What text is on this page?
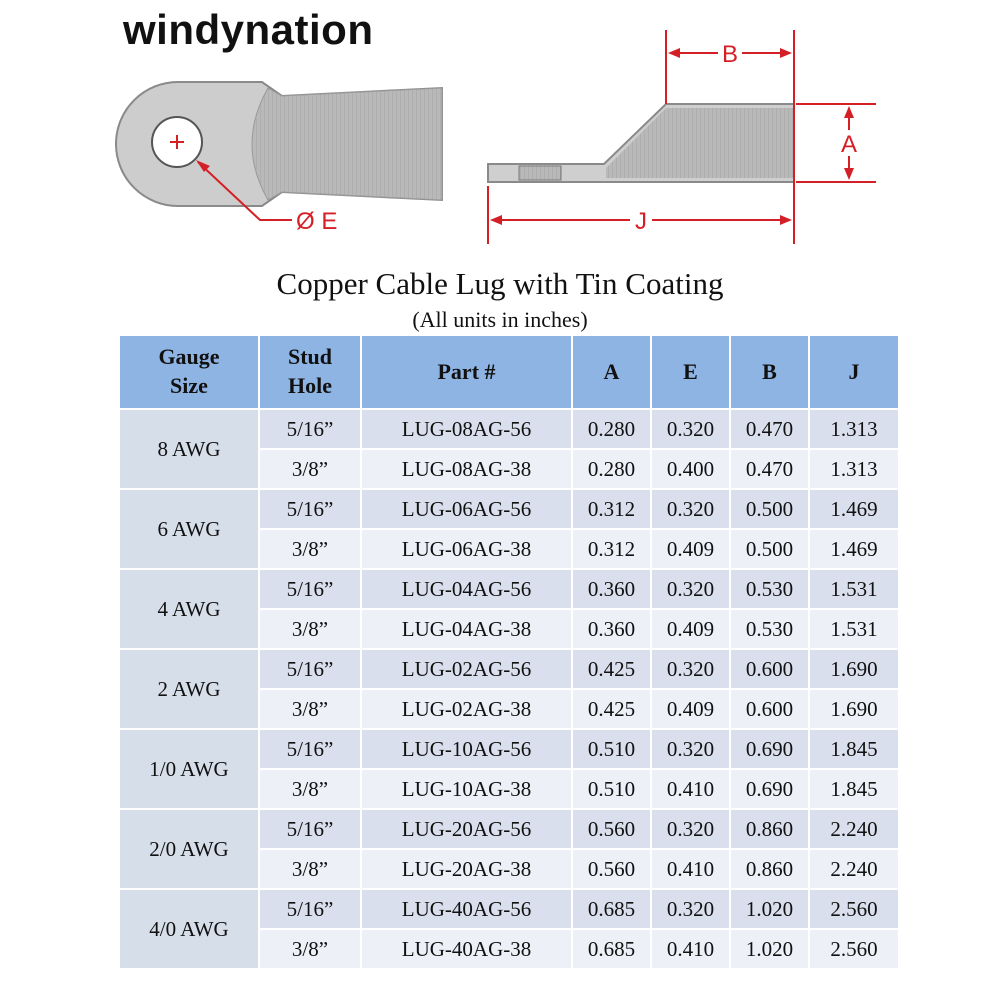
windynation
Ø E
B
A
J
Copper Cable Lug with Tin Coating
(All units in inches)
Gauge Size	Stud Hole	Part #	A	E	B	J
8 AWG	5/16”	LUG-08AG-56	0.280	0.320	0.470	1.313
	3/8”	LUG-08AG-38	0.280	0.400	0.470	1.313
6 AWG	5/16”	LUG-06AG-56	0.312	0.320	0.500	1.469
	3/8”	LUG-06AG-38	0.312	0.409	0.500	1.469
4 AWG	5/16”	LUG-04AG-56	0.360	0.320	0.530	1.531
	3/8”	LUG-04AG-38	0.360	0.409	0.530	1.531
2 AWG	5/16”	LUG-02AG-56	0.425	0.320	0.600	1.690
	3/8”	LUG-02AG-38	0.425	0.409	0.600	1.690
1/0 AWG	5/16”	LUG-10AG-56	0.510	0.320	0.690	1.845
	3/8”	LUG-10AG-38	0.510	0.410	0.690	1.845
2/0 AWG	5/16”	LUG-20AG-56	0.560	0.320	0.860	2.240
	3/8”	LUG-20AG-38	0.560	0.410	0.860	2.240
4/0 AWG	5/16”	LUG-40AG-56	0.685	0.320	1.020	2.560
	3/8”	LUG-40AG-38	0.685	0.410	1.020	2.560
